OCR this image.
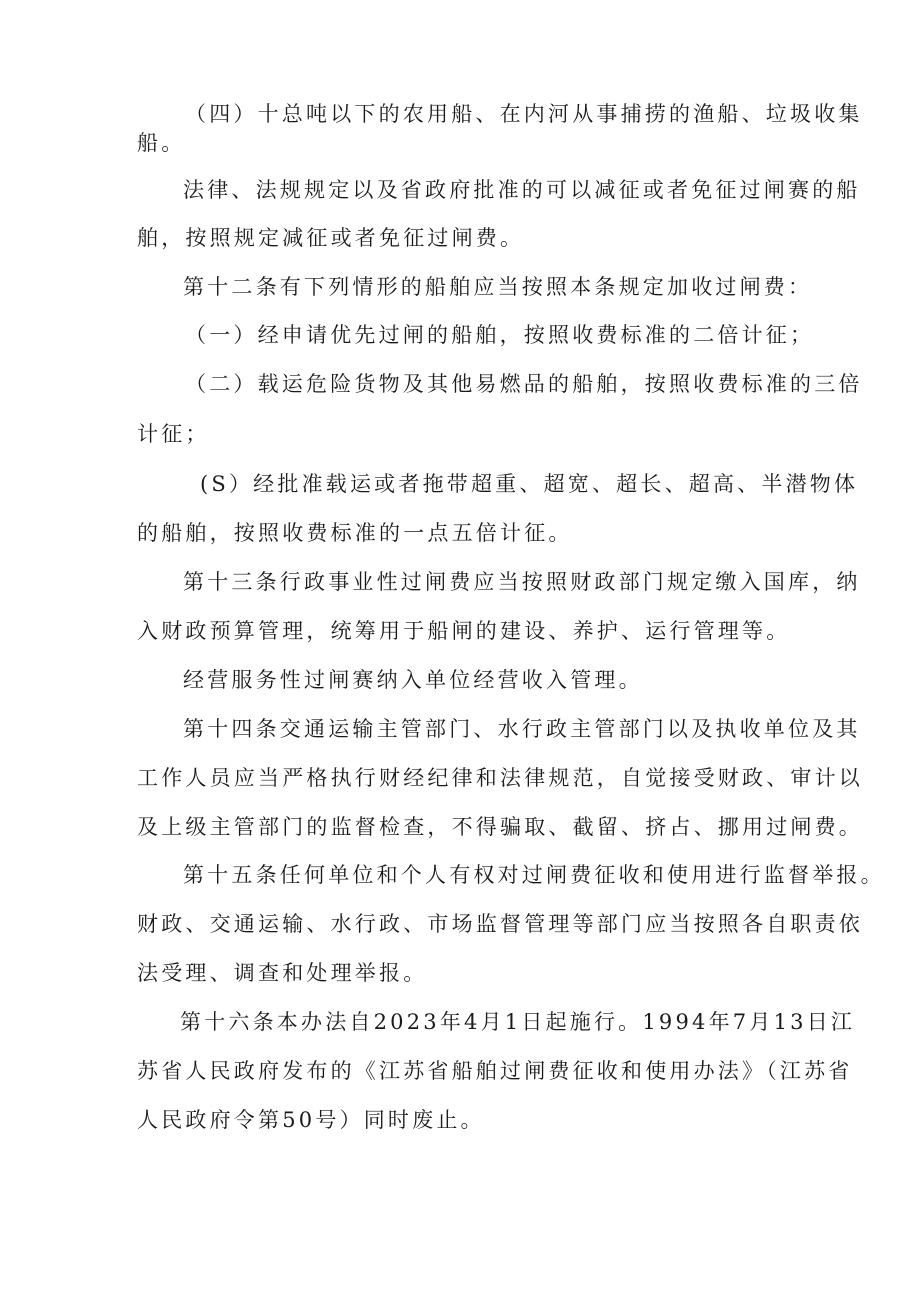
（四）十总吨以下的农用船、在内河从事捕捞的渔船、垃圾收集
船。
法律、法规规定以及省政府批准的可以减征或者免征过闸赛的船
舶，按照规定减征或者免征过闸费。
第十二条有下列情形的船舶应当按照本条规定加收过闸费：
（一）经申请优先过闸的船舶，按照收费标准的二倍计征；
（二）载运危险货物及其他易燃品的船舶，按照收费标准的三倍
计征；
(S）经批准载运或者拖带超重、超宽、超长、超高、半潜物体
的船舶，按照收费标准的一点五倍计征。
第十三条行政事业性过闸费应当按照财政部门规定缴入国库，纳
入财政预算管理，统筹用于船闸的建设、养护、运行管理等。
经营服务性过闸赛纳入单位经营收入管理。
第十四条交通运输主管部门、水行政主管部门以及执收单位及其
工作人员应当严格执行财经纪律和法律规范，自觉接受财政、审计以
及上级主管部门的监督检查，不得骗取、截留、挤占、挪用过闸费。
第十五条任何单位和个人有权对过闸费征收和使用进行监督举报。
财政、交通运输、水行政、市场监督管理等部门应当按照各自职责依
法受理、调查和处理举报。
第十六条本办法自2023年4月1日起施行。1994年7月13日江
苏省人民政府发布的《江苏省船舶过闸费征收和使用办法》（江苏省
人民政府令第50号）同时废止。
